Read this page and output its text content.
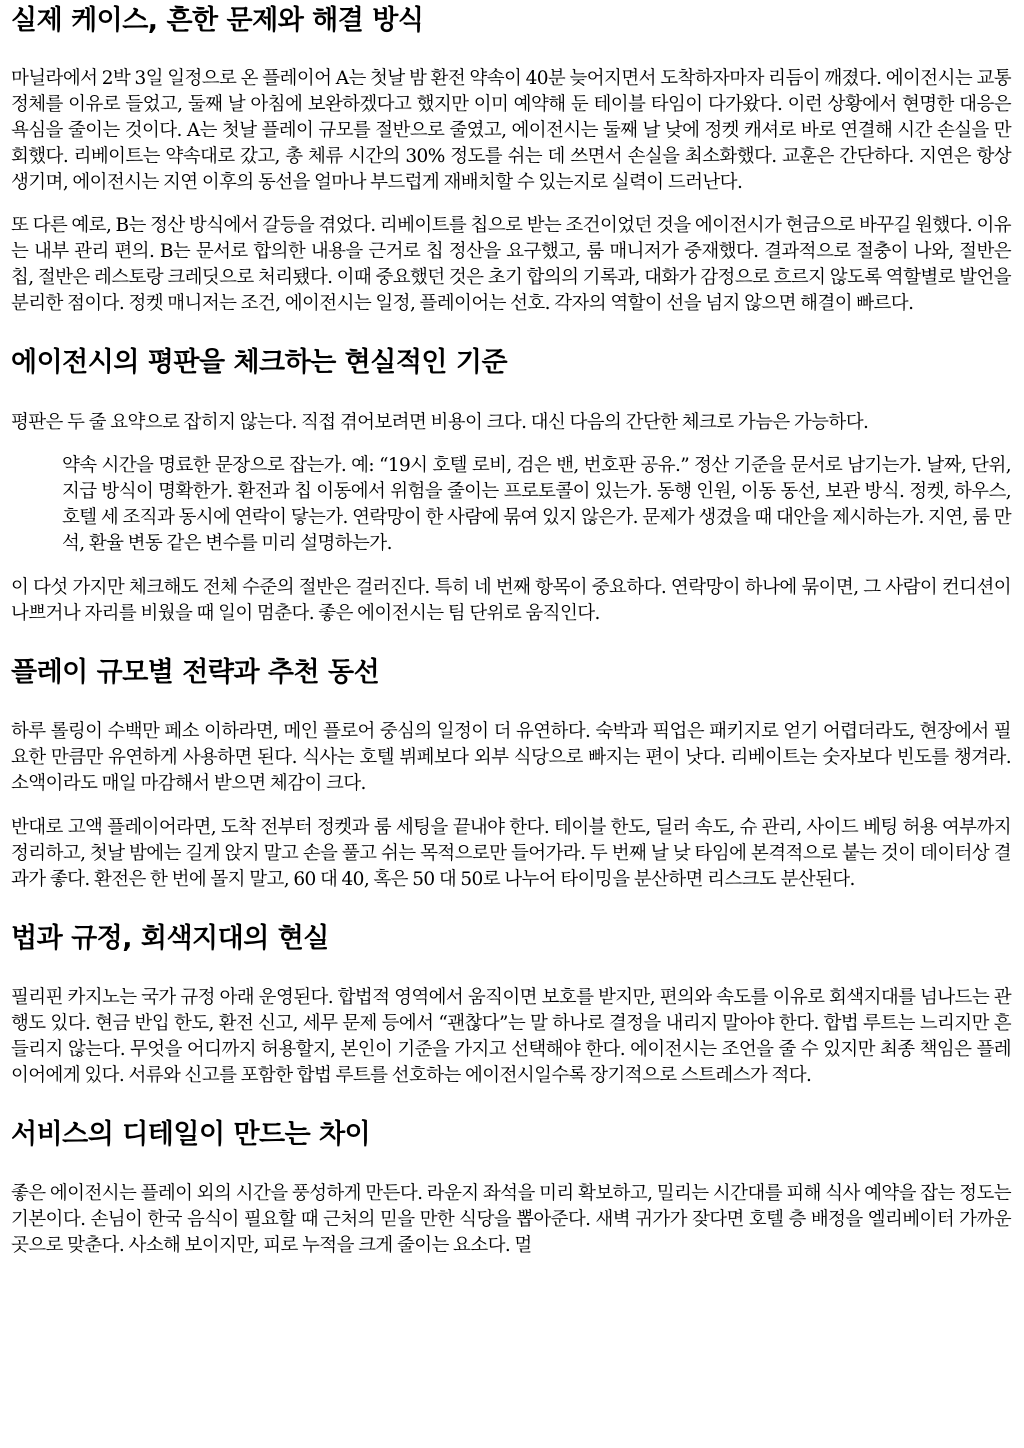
실제 케이스, 흔한 문제와 해결 방식

마닐라에서 2박 3일 일정으로 온 플레이어 A는 첫날 밤 환전 약속이 40분 늦어지면서 도착하자마자 리듬이 깨졌다. 에이전시는 교통 정체를 이유로 들었고, 둘째 날 아침에 보완하겠다고 했지만 이미 예약해 둔 테이블 타임이 다가왔다. 이런 상황에서 현명한 대응은 욕심을 줄이는 것이다. A는 첫날 플레이 규모를 절반으로 줄였고, 에이전시는 둘째 날 낮에 정켓 캐셔로 바로 연결해 시간 손실을 만회했다. 리베이트는 약속대로 갔고, 총 체류 시간의 30% 정도를 쉬는 데 쓰면서 손실을 최소화했다. 교훈은 간단하다. 지연은 항상 생기며, 에이전시는 지연 이후의 동선을 얼마나 부드럽게 재배치할 수 있는지로 실력이 드러난다.

또 다른 예로, B는 정산 방식에서 갈등을 겪었다. 리베이트를 칩으로 받는 조건이었던 것을 에이전시가 현금으로 바꾸길 원했다. 이유는 내부 관리 편의. B는 문서로 합의한 내용을 근거로 칩 정산을 요구했고, 룸 매니저가 중재했다. 결과적으로 절충이 나와, 절반은 칩, 절반은 레스토랑 크레딧으로 처리됐다. 이때 중요했던 것은 초기 합의의 기록과, 대화가 감정으로 흐르지 않도록 역할별로 발언을 분리한 점이다. 정켓 매니저는 조건, 에이전시는 일정, 플레이어는 선호. 각자의 역할이 선을 넘지 않으면 해결이 빠르다.

에이전시의 평판을 체크하는 현실적인 기준

평판은 두 줄 요약으로 잡히지 않는다. 직접 겪어보려면 비용이 크다. 대신 다음의 간단한 체크로 가늠은 가능하다.

약속 시간을 명료한 문장으로 잡는가. 예: “19시 호텔 로비, 검은 밴, 번호판 공유.” 정산 기준을 문서로 남기는가. 날짜, 단위, 지급 방식이 명확한가. 환전과 칩 이동에서 위험을 줄이는 프로토콜이 있는가. 동행 인원, 이동 동선, 보관 방식. 정켓, 하우스, 호텔 세 조직과 동시에 연락이 닿는가. 연락망이 한 사람에 묶여 있지 않은가. 문제가 생겼을 때 대안을 제시하는가. 지연, 룸 만석, 환율 변동 같은 변수를 미리 설명하는가.

이 다섯 가지만 체크해도 전체 수준의 절반은 걸러진다. 특히 네 번째 항목이 중요하다. 연락망이 하나에 묶이면, 그 사람이 컨디션이 나쁘거나 자리를 비웠을 때 일이 멈춘다. 좋은 에이전시는 팀 단위로 움직인다.

플레이 규모별 전략과 추천 동선

하루 롤링이 수백만 페소 이하라면, 메인 플로어 중심의 일정이 더 유연하다. 숙박과 픽업은 패키지로 얻기 어렵더라도, 현장에서 필요한 만큼만 유연하게 사용하면 된다. 식사는 호텔 뷔페보다 외부 식당으로 빠지는 편이 낫다. 리베이트는 숫자보다 빈도를 챙겨라. 소액이라도 매일 마감해서 받으면 체감이 크다.

반대로 고액 플레이어라면, 도착 전부터 정켓과 룸 세팅을 끝내야 한다. 테이블 한도, 딜러 속도, 슈 관리, 사이드 베팅 허용 여부까지 정리하고, 첫날 밤에는 길게 앉지 말고 손을 풀고 쉬는 목적으로만 들어가라. 두 번째 날 낮 타임에 본격적으로 붙는 것이 데이터상 결과가 좋다. 환전은 한 번에 몰지 말고, 60 대 40, 혹은 50 대 50로 나누어 타이밍을 분산하면 리스크도 분산된다.

법과 규정, 회색지대의 현실

필리핀 카지노는 국가 규정 아래 운영된다. 합법적 영역에서 움직이면 보호를 받지만, 편의와 속도를 이유로 회색지대를 넘나드는 관행도 있다. 현금 반입 한도, 환전 신고, 세무 문제 등에서 “괜찮다”는 말 하나로 결정을 내리지 말아야 한다. 합법 루트는 느리지만 흔들리지 않는다. 무엇을 어디까지 허용할지, 본인이 기준을 가지고 선택해야 한다. 에이전시는 조언을 줄 수 있지만 최종 책임은 플레이어에게 있다. 서류와 신고를 포함한 합법 루트를 선호하는 에이전시일수록 장기적으로 스트레스가 적다.

서비스의 디테일이 만드는 차이

좋은 에이전시는 플레이 외의 시간을 풍성하게 만든다. 라운지 좌석을 미리 확보하고, 밀리는 시간대를 피해 식사 예약을 잡는 정도는 기본이다. 손님이 한국 음식이 필요할 때 근처의 믿을 만한 식당을 뽑아준다. 새벽 귀가가 잦다면 호텔 층 배정을 엘리베이터 가까운 곳으로 맞춘다. 사소해 보이지만, 피로 누적을 크게 줄이는 요소다. 멀
